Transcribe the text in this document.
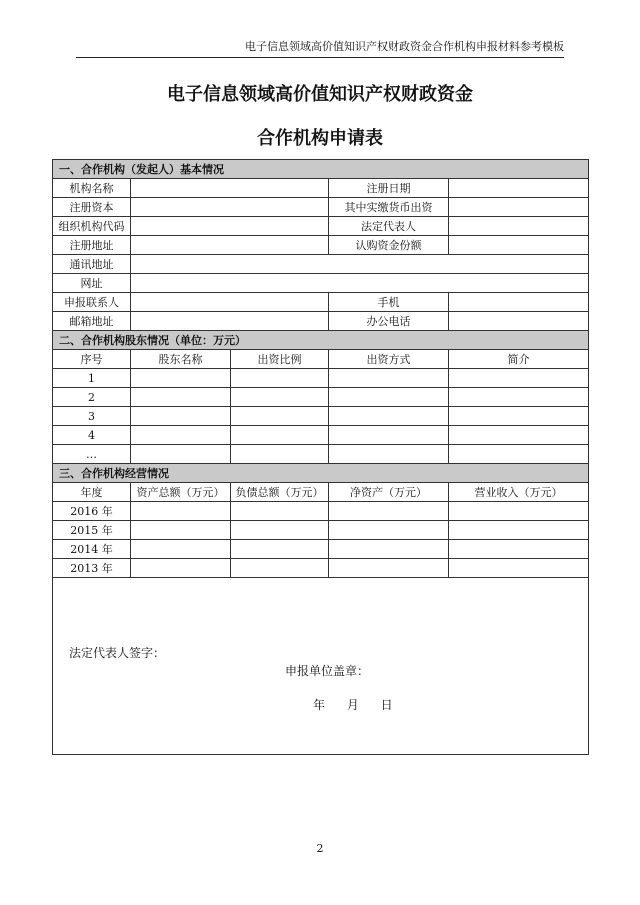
电子信息领域高价值知识产权财政资金合作机构申报材料参考模板
电子信息领域高价值知识产权财政资金
合作机构申请表
一、合作机构（发起人）基本情况				
机构名称			注册日期	
注册资本			其中实缴货币出资	
组织机构代码			法定代表人	
注册地址			认购资金份额	
通讯地址				
网址				
申报联系人			手机	
邮箱地址			办公电话	
二、合作机构股东情况（单位：万元）				
序号	股东名称	出资比例	出资方式	简介
1				
2				
3				
4				
…				
三、合作机构经营情况				
年度	资产总额（万元）	负债总额（万元）	净资产（万元）	营业收入（万元）
2016 年				
2015 年				
2014 年				
2013 年				

法定代表人签字：
申报单位盖章：
年 月 日				
2
